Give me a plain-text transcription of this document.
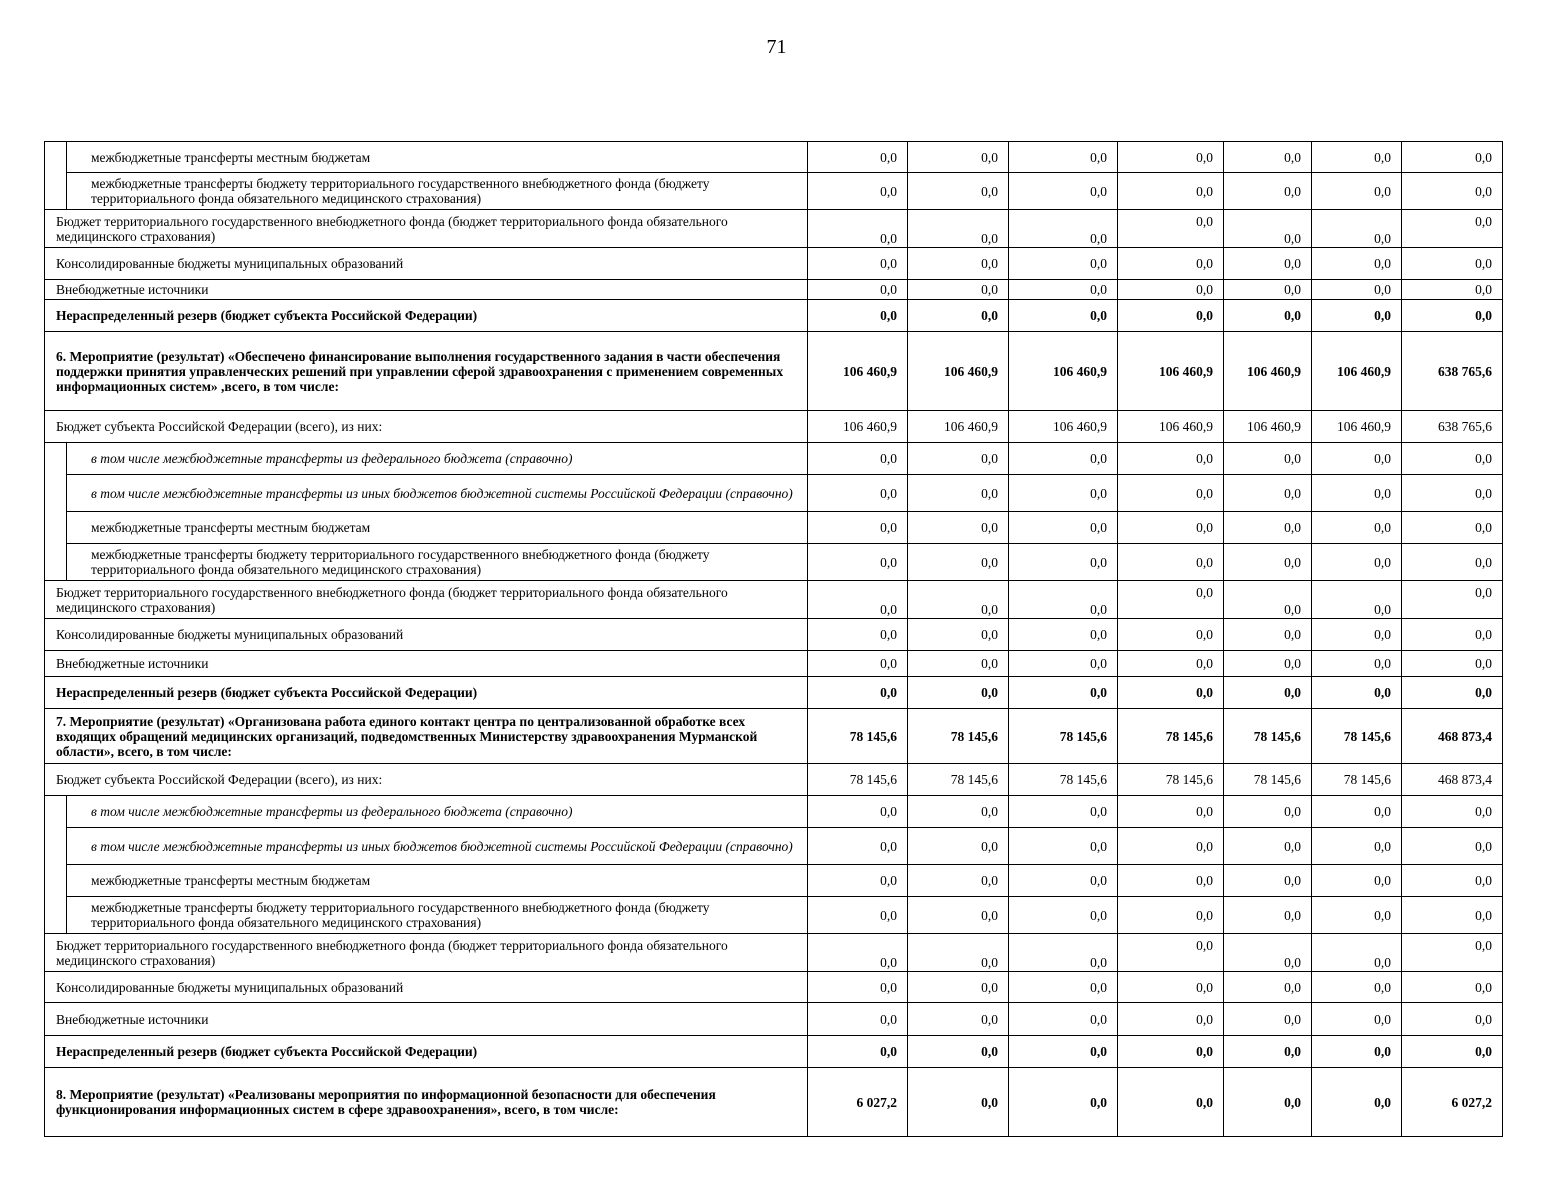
71
	межбюджетные трансферты местным бюджетам	0,0	0,0	0,0	0,0	0,0	0,0	0,0
	межбюджетные трансферты бюджету территориального государственного внебюджетного фонда (бюджету территориального фонда обязательного медицинского страхования)	0,0	0,0	0,0	0,0	0,0	0,0	0,0
Бюджет территориального государственного внебюджетного фонда (бюджет территориального фонда обязательного медицинского страхования)		0,0	0,0	0,0	0,0	0,0	0,0	0,0
Консолидированные бюджеты муниципальных образований		0,0	0,0	0,0	0,0	0,0	0,0	0,0
Внебюджетные источники		0,0	0,0	0,0	0,0	0,0	0,0	0,0
Нераспределенный резерв (бюджет субъекта Российской Федерации)		0,0	0,0	0,0	0,0	0,0	0,0	0,0
6. Мероприятие (результат) «Обеспечено финансирование выполнения государственного задания в части обеспечения поддержки принятия управленческих решений при управлении сферой здравоохранения с применением современных информационных систем» ,всего, в том числе:		106 460,9	106 460,9	106 460,9	106 460,9	106 460,9	106 460,9	638 765,6
Бюджет субъекта Российской Федерации (всего), из них:		106 460,9	106 460,9	106 460,9	106 460,9	106 460,9	106 460,9	638 765,6
	в том числе межбюджетные трансферты из федерального бюджета (справочно)	0,0	0,0	0,0	0,0	0,0	0,0	0,0
	в том числе межбюджетные трансферты из иных бюджетов бюджетной системы Российской Федерации (справочно)	0,0	0,0	0,0	0,0	0,0	0,0	0,0
	межбюджетные трансферты местным бюджетам	0,0	0,0	0,0	0,0	0,0	0,0	0,0
	межбюджетные трансферты бюджету территориального государственного внебюджетного фонда (бюджету территориального фонда обязательного медицинского страхования)	0,0	0,0	0,0	0,0	0,0	0,0	0,0
Бюджет территориального государственного внебюджетного фонда (бюджет территориального фонда обязательного медицинского страхования)		0,0	0,0	0,0	0,0	0,0	0,0	0,0
Консолидированные бюджеты муниципальных образований		0,0	0,0	0,0	0,0	0,0	0,0	0,0
Внебюджетные источники		0,0	0,0	0,0	0,0	0,0	0,0	0,0
Нераспределенный резерв (бюджет субъекта Российской Федерации)		0,0	0,0	0,0	0,0	0,0	0,0	0,0
7. Мероприятие (результат) «Организована работа единого контакт центра по централизованной обработке всех входящих обращений медицинских организаций, подведомственных Министерству здравоохранения Мурманской области», всего, в том числе:		78 145,6	78 145,6	78 145,6	78 145,6	78 145,6	78 145,6	468 873,4
Бюджет субъекта Российской Федерации (всего), из них:		78 145,6	78 145,6	78 145,6	78 145,6	78 145,6	78 145,6	468 873,4
	в том числе межбюджетные трансферты из федерального бюджета (справочно)	0,0	0,0	0,0	0,0	0,0	0,0	0,0
	в том числе межбюджетные трансферты из иных бюджетов бюджетной системы Российской Федерации (справочно)	0,0	0,0	0,0	0,0	0,0	0,0	0,0
	межбюджетные трансферты местным бюджетам	0,0	0,0	0,0	0,0	0,0	0,0	0,0
	межбюджетные трансферты бюджету территориального государственного внебюджетного фонда (бюджету территориального фонда обязательного медицинского страхования)	0,0	0,0	0,0	0,0	0,0	0,0	0,0
Бюджет территориального государственного внебюджетного фонда (бюджет территориального фонда обязательного медицинского страхования)		0,0	0,0	0,0	0,0	0,0	0,0	0,0
Консолидированные бюджеты муниципальных образований		0,0	0,0	0,0	0,0	0,0	0,0	0,0
Внебюджетные источники		0,0	0,0	0,0	0,0	0,0	0,0	0,0
Нераспределенный резерв (бюджет субъекта Российской Федерации)		0,0	0,0	0,0	0,0	0,0	0,0	0,0
8. Мероприятие (результат) «Реализованы мероприятия по информационной безопасности для обеспечения функционирования информационных систем в сфере здравоохранения», всего, в том числе:		6 027,2	0,0	0,0	0,0	0,0	0,0	6 027,2
